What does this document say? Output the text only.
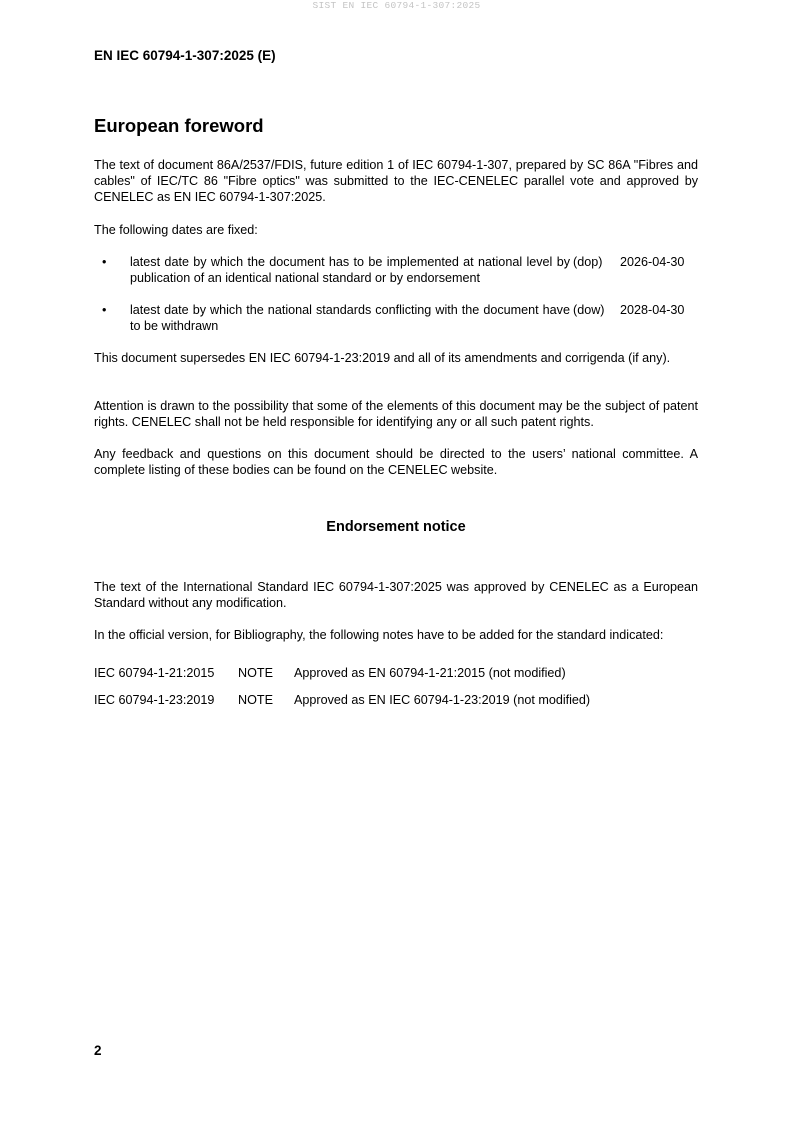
SIST EN IEC 60794-1-307:2025
EN IEC 60794-1-307:2025 (E)
European foreword

The text of document 86A/2537/FDIS, future edition 1 of IEC 60794-1-307, prepared by SC 86A "Fibres and cables" of IEC/TC 86 "Fibre optics" was submitted to the IEC-CENELEC parallel vote and approved by CENELEC as EN IEC 60794-1-307:2025.

The following dates are fixed:

• latest date by which the document has to be implemented at national level by publication of an identical national standard or by endorsement
(dop) 2026-04-30
• latest date by which the national standards conflicting with the document have to be withdrawn
(dow) 2028-04-30

This document supersedes EN IEC 60794-1-23:2019 and all of its amendments and corrigenda (if any).

Attention is drawn to the possibility that some of the elements of this document may be the subject of patent rights. CENELEC shall not be held responsible for identifying any or all such patent rights.

Any feedback and questions on this document should be directed to the users’ national committee. A complete listing of these bodies can be found on the CENELEC website.

Endorsement notice

The text of the International Standard IEC 60794-1-307:2025 was approved by CENELEC as a European Standard without any modification.

In the official version, for Bibliography, the following notes have to be added for the standard indicated:

IEC 60794-1-21:2015 NOTE Approved as EN 60794-1-21:2015 (not modified)
IEC 60794-1-23:2019 NOTE Approved as EN IEC 60794-1-23:2019 (not modified)
2
